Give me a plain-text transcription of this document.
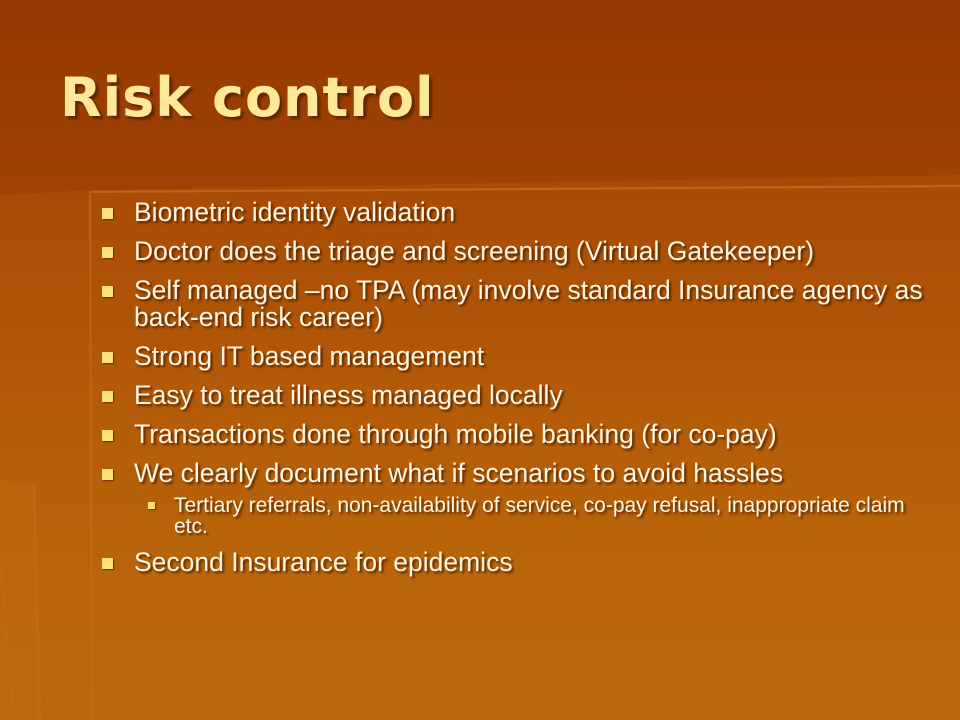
Risk control
Biometric identity validation
Doctor does the triage and screening (Virtual Gatekeeper)
Self managed –no TPA (may involve standard Insurance agency as back-end risk career)
Strong IT based management
Easy to treat illness managed locally
Transactions done through mobile banking (for co-pay)
We clearly document what if scenarios to avoid hassles
Tertiary referrals, non-availability of service, co-pay refusal, inappropriate claim etc.
Second Insurance for epidemics
